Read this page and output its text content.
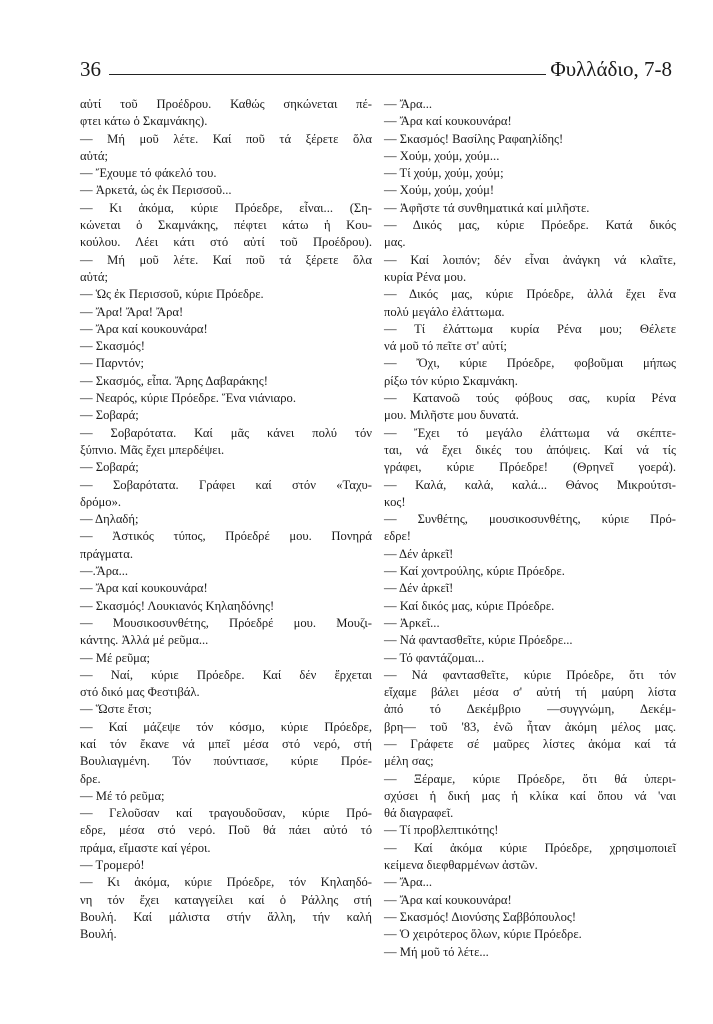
36	Φυλλάδιο, 7-8
αὐτί τοῦ Προέδρου. Καθώς σηκώνεται πέ-
φτει κάτω ὁ Σκαμνάκης).
— Μή μοῦ λέτε. Καί ποῦ τά ξέρετε ὅλα
αὐτά;
— Ἔχουμε τό φάκελό του.
— Ἀρκετά, ὡς ἐκ Περισσοῦ...
— Κι ἀκόμα, κύριε Πρόεδρε, εἶναι... (Ση-
κώνεται ὁ Σκαμνάκης, πέφτει κάτω ἡ Κου-
κούλου. Λέει κάτι στό αὐτί τοῦ Προέδρου).
— Μή μοῦ λέτε. Καί ποῦ τά ξέρετε ὅλα
αὐτά;
— Ὡς ἐκ Περισσοῦ, κύριε Πρόεδρε.
— Ἄρα! Ἄρα! Ἄρα!
— Ἄρα καί κουκουνάρα!
— Σκασμός!
— Παρντόν;
— Σκασμός, εἶπα. Ἄρης Δαβαράκης!
— Νεαρός, κύριε Πρόεδρε. Ἕνα νιάνιαρο.
— Σοβαρά;
— Σοβαρότατα. Καί μᾶς κάνει πολύ τόν
ξύπνιο. Μᾶς ἔχει μπερδέψει.
— Σοβαρά;
— Σοβαρότατα. Γράφει καί στόν «Ταχυ-
δρόμο».
— Δηλαδή;
— Ἀστικός τύπος, Πρόεδρέ μου. Πονηρά
πράγματα.
—.Ἄρα...
— Ἄρα καί κουκουνάρα!
— Σκασμός! Λουκιανός Κηλαηδόνης!
— Μουσικοσυνθέτης, Πρόεδρέ μου. Μουζι-
κάντης. Ἀλλά μέ ρεῦμα...
— Μέ ρεῦμα;
— Ναί, κύριε Πρόεδρε. Καί δέν ἔρχεται
στό δικό μας Φεστιβάλ.
— Ὥστε ἔτσι;
— Καί μάζεψε τόν κόσμο, κύριε Πρόεδρε,
καί τόν ἔκανε νά μπεῖ μέσα στό νερό, στή
Βουλιαγμένη. Τόν πούντιασε, κύριε Πρόε-
δρε.
— Μέ τό ρεῦμα;
— Γελοῦσαν καί τραγουδοῦσαν, κύριε Πρό-
εδρε, μέσα στό νερό. Ποῦ θά πάει αὐτό τό
πράμα, εἴμαστε καί γέροι.
— Τρομερό!
— Κι ἀκόμα, κύριε Πρόεδρε, τόν Κηλαηδό-
νη τόν ἔχει καταγγείλει καί ὁ Ράλλης στή
Βουλή. Καί μάλιστα στήν ἄλλη, τήν καλή
Βουλή.
— Ἄρα...
— Ἄρα καί κουκουνάρα!
— Σκασμός! Βασίλης Ραφαηλίδης!
— Χούμ, χούμ, χούμ...
— Τί χούμ, χούμ, χούμ;
— Χούμ, χούμ, χούμ!
— Ἀφῆστε τά συνθηματικά καί μιλῆστε.
— Δικός μας, κύριε Πρόεδρε. Κατά δικός
μας.
— Καί λοιπόν; δέν εἶναι ἀνάγκη νά κλαῖτε,
κυρία Ρένα μου.
— Δικός μας, κύριε Πρόεδρε, ἀλλά ἔχει ἕνα
πολύ μεγάλο ἐλάττωμα.
— Τί ἐλάττωμα κυρία Ρένα μου; Θέλετε
νά μοῦ τό πεῖτε στ' αὐτί;
— Ὄχι, κύριε Πρόεδρε, φοβοῦμαι μήπως
ρίξω τόν κύριο Σκαμνάκη.
— Κατανοῶ τούς φόβους σας, κυρία Ρένα
μου. Μιλῆστε μου δυνατά.
— Ἔχει τό μεγάλο ἐλάττωμα νά σκέπτε-
ται, νά ἔχει δικές του ἀπόψεις. Καί νά τίς
γράφει, κύριε Πρόεδρε! (Θρηνεῖ γοερά).
— Καλά, καλά, καλά... Θάνος Μικρούτσι-
κος!
— Συνθέτης, μουσικοσυνθέτης, κύριε Πρό-
εδρε!
— Δέν ἀρκεῖ!
— Καί χοντρούλης, κύριε Πρόεδρε.
— Δέν ἀρκεῖ!
— Καί δικός μας, κύριε Πρόεδρε.
— Ἀρκεῖ...
— Νά φαντασθεῖτε, κύριε Πρόεδρε...
— Τό φαντάζομαι...
— Νά φαντασθεῖτε, κύριε Πρόεδρε, ὅτι τόν
εἴχαμε βάλει μέσα σ' αὐτή τή μαύρη λίστα
ἀπό τό Δεκέμβριο —συγγνώμη, Δεκέμ-
βρη— τοῦ '83, ἐνῶ ἦταν ἀκόμη μέλος μας.
— Γράφετε σέ μαῦρες λίστες ἀκόμα καί τά
μέλη σας;
— Ξέραμε, κύριε Πρόεδρε, ὅτι θά ὑπερι-
σχύσει ἡ δική μας ἡ κλίκα καί ὅπου νά 'ναι
θά διαγραφεῖ.
— Τί προβλεπτικότης!
— Καί ἀκόμα κύριε Πρόεδρε, χρησιμοποιεῖ
κείμενα διεφθαρμένων ἀστῶν.
— Ἄρα...
— Ἄρα καί κουκουνάρα!
— Σκασμός! Διονύσης Σαββόπουλος!
— Ὁ χειρότερος ὅλων, κύριε Πρόεδρε.
— Μή μοῦ τό λέτε...
